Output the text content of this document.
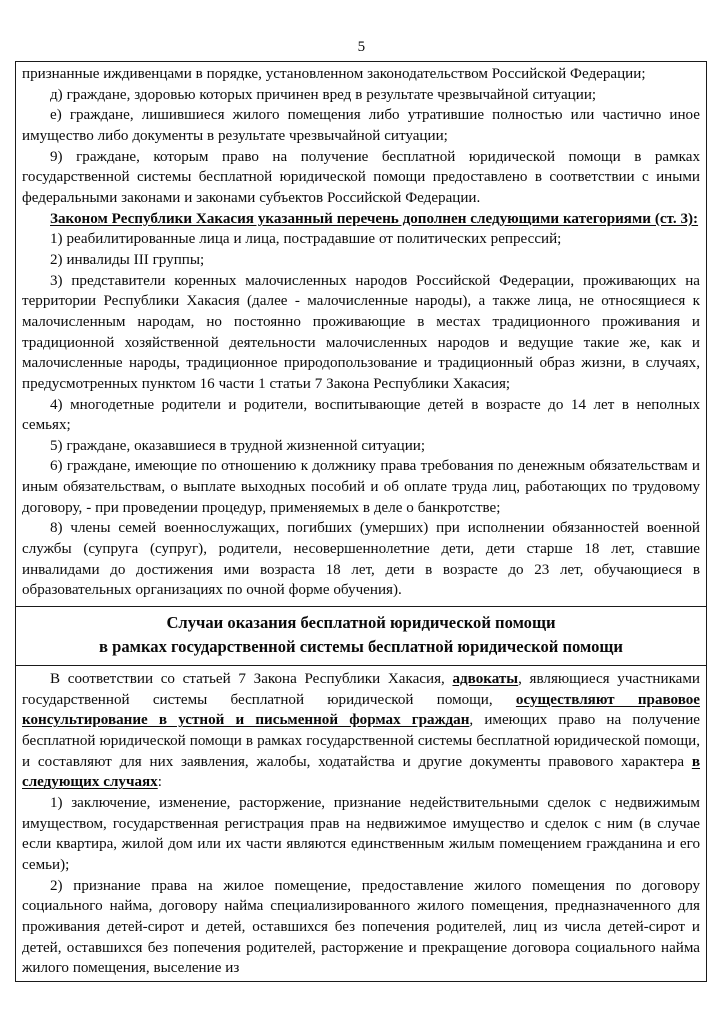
5

признанные иждивенцами в порядке, установленном законодательством Российской Федерации;

д) граждане, здоровью которых причинен вред в результате чрезвычайной ситуации;

е) граждане, лишившиеся жилого помещения либо утратившие полностью или частично иное имущество либо документы в результате чрезвычайной ситуации;

9) граждане, которым право на получение бесплатной юридической помощи в рамках государственной системы бесплатной юридической помощи предоставлено в соответствии с иными федеральными законами и законами субъектов Российской Федерации.

Законом Республики Хакасия указанный перечень дополнен следующими категориями (ст. 3):

1) реабилитированные лица и лица, пострадавшие от политических репрессий;

2) инвалиды III группы;

3) представители коренных малочисленных народов Российской Федерации, проживающих на территории Республики Хакасия (далее - малочисленные народы), а также лица, не относящиеся к малочисленным народам, но постоянно проживающие в местах традиционного проживания и традиционной хозяйственной деятельности малочисленных народов и ведущие такие же, как и малочисленные народы, традиционное природопользование и традиционный образ жизни, в случаях, предусмотренных пунктом 16 части 1 статьи 7 Закона Республики Хакасия;

4) многодетные родители и родители, воспитывающие детей в возрасте до 14 лет в неполных семьях;

5) граждане, оказавшиеся в трудной жизненной ситуации;

6) граждане, имеющие по отношению к должнику права требования по денежным обязательствам и иным обязательствам, о выплате выходных пособий и об оплате труда лиц, работающих по трудовому договору, - при проведении процедур, применяемых в деле о банкротстве;

8) члены семей военнослужащих, погибших (умерших) при исполнении обязанностей военной службы (супруга (супруг), родители, несовершеннолетние дети, дети старше 18 лет, ставшие инвалидами до достижения ими возраста 18 лет, дети в возрасте до 23 лет, обучающиеся в образовательных организациях по очной форме обучения).

Случаи оказания бесплатной юридической помощи

в рамках государственной системы бесплатной юридической помощи

В соответствии со статьей 7 Закона Республики Хакасия, адвокаты, являющиеся участниками государственной системы бесплатной юридической помощи, осуществляют правовое консультирование в устной и письменной формах граждан, имеющих право на получение бесплатной юридической помощи в рамках государственной системы бесплатной юридической помощи, и составляют для них заявления, жалобы, ходатайства и другие документы правового характера в следующих случаях:

1) заключение, изменение, расторжение, признание недействительными сделок с недвижимым имуществом, государственная регистрация прав на недвижимое имущество и сделок с ним (в случае если квартира, жилой дом или их части являются единственным жилым помещением гражданина и его семьи);

2) признание права на жилое помещение, предоставление жилого помещения по договору социального найма, договору найма специализированного жилого помещения, предназначенного для проживания детей-сирот и детей, оставшихся без попечения родителей, лиц из числа детей-сирот и детей, оставшихся без попечения родителей, расторжение и прекращение договора социального найма жилого помещения, выселение из
